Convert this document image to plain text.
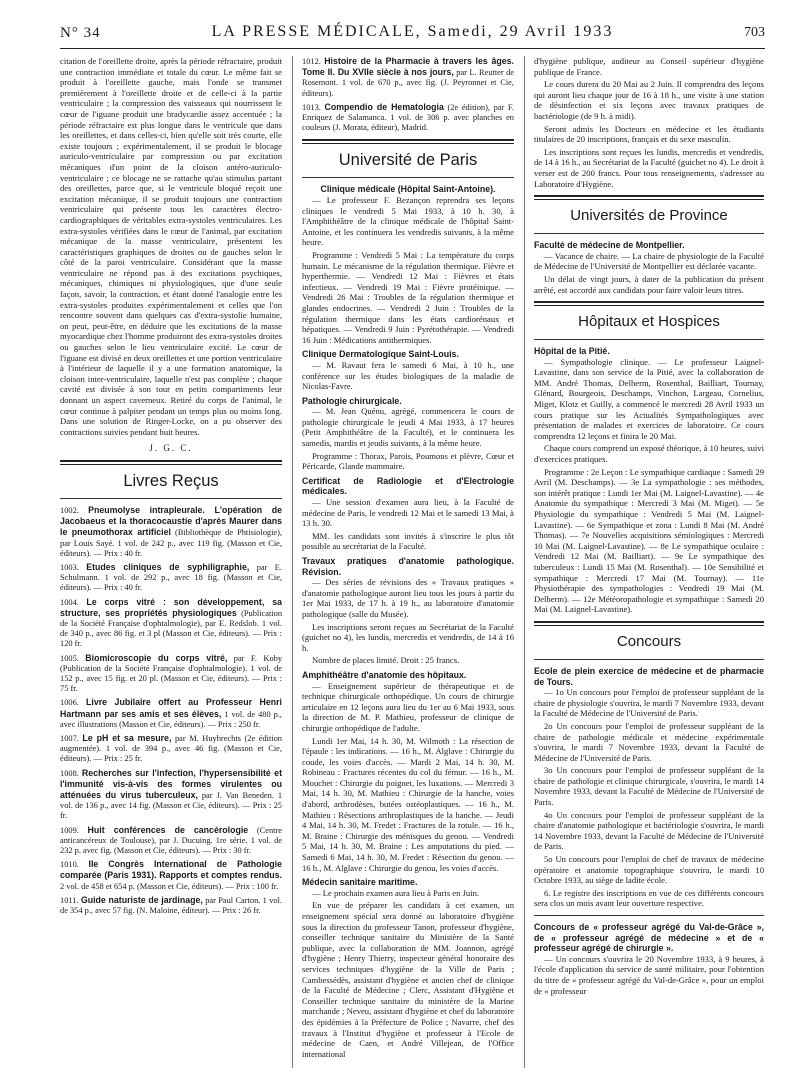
N° 34	LA PRESSE MÉDICALE, Samedi, 29 Avril 1933	703

citation de l'oreillette droite, après la période réfractaire, produit une contraction immédiate et totale du cœur. Le même fait se produit à l'oreillette gauche, mais l'onde se transmet premièrement à l'oreillette droite et de celle-ci à la partie ventriculaire ; la compression des vaisseaux qui nourrissent le cœur de l'iguane produit une bradycardie assez accentuée ; la période réfractaire est plus longue dans le ventricule que dans les oreillettes, et dans celles-ci, bien qu'elle soit très courte, elle existe toujours ; expérimentalement, il se produit le blocage auriculo-ventriculaire par compression ou par excitation mécaniques d'un point de la cloison antéro-auriculo-ventriculaire ; ce blocage ne se rattache qu'au stimulus partant des oreillettes, parce que, si le ventricule bloqué reçoit une excitation mécanique, il se produit toujours une contraction ventriculaire qui présente tous les caractères électro-cardiographiques de véritables extra-systoles ventriculaires. Les extra-systoles vérifiées dans le cœur de l'animal, par excitation mécanique de la masse ventriculaire, présentent les caractéristiques graphiques de droites ou de gauches selon le côté de la paroi ventriculaire. Considérant que la masse ventriculaire ne répond pas à des excitations psychiques, mécaniques, chimiques ni physiologiques, que d'une seule façon, savoir, la contraction, et étant donné l'analogie entre les extra-systoles produites expérimentalement et celles que l'on rencontre souvent dans quelques cas d'extra-systolie humaine, on peut, peut-être, en déduire que les excitations de la masse myocardique chez l'homme produiront des extra-systoles droites ou gauches selon le lieu ventriculaire excité. Le cœur de l'iguane est divisé en deux oreillettes et une portion ventriculaire à l'intérieur de laquelle il y a une formation anatomique, la cloison inter-ventriculaire, laquelle n'est pas complète ; chaque cavité est divisée à son tour en petits compartiments leur donnant un aspect caverneux. Retiré du corps de l'animal, le cœur continue à palpiter pendant un temps plus ou moins long. Dans une solution de Ringer-Locke, on a pu observer des contractions suivies pendant huit heures.

J. G. C.
Livres Reçus
1002. Pneumolyse intrapleurale. L'opération de Jacobaeus et la thoracocaustie d'après Maurer dans le pneumothorax artificiel (Bibliothèque de Phtisiologie), par Louis Sayé. 1 vol. de 242 p., avec 119 fig. (Masson et Cie, éditeurs). — Prix : 40 fr.
1003. Etudes cliniques de syphiligraphie, par E. Schulmann. 1 vol. de 292 p., avec 18 fig. (Masson et Cie, éditeurs). — Prix : 40 fr.
1004. Le corps vitré : son développement, sa structure, ses propriétés physiologiques (Publication de la Société Française d'ophtalmologie), par E. Redslob. 1 vol. de 340 p., avec 86 fig. et 3 pl (Masson et Cie, éditeurs). — Prix : 120 fr.
1005. Biomicroscopie du corps vitré, par F. Koby (Publication de la Société Française d'ophtalmologie). 1 vol. de 152 p., avec 15 fig. et 20 pl. (Masson et Cie, éditeurs). — Prix : 75 fr.
1006. Livre Jubilaire offert au Professeur Henri Hartmann par ses amis et ses élèves, 1 vol. de 480 p., avec illustrations (Masson et Cie, éditeurs). — Prix : 250 fr.
1007. Le pH et sa mesure, par M. Huybrechts (2e édition augmentée). 1 vol. de 394 p., avec 46 fig. (Masson et Cie, éditeurs). — Prix : 25 fr.
1008. Recherches sur l'infection, l'hypersensibilité et l'immunité vis-à-vis des formes virulentes ou atténuées du virus tuberculeux, par J. Van Beneden. 1 vol. de 136 p., avec 14 fig. (Masson et Cie, éditeurs). — Prix : 25 fr.
1009. Huit conférences de cancérologie (Centre anticancéreux de Toulouse), par J. Ducuing. 1re série. 1 vol. de 232 p. avec fig. (Masson et Cie, éditeurs). — Prix : 30 fr.
1010. IIe Congrès International de Pathologie comparée (Paris 1931). Rapports et comptes rendus. 2 vol. de 458 et 654 p. (Masson et Cie, éditeurs). — Prix : 100 fr.
1011. Guide naturiste de jardinage, par Paul Carton. 1 vol. de 354 p., avec 57 fig. (N. Maloine, éditeur). — Prix : 26 fr.
1012. Histoire de la Pharmacie à travers les âges. Tome II. Du XVIIe siècle à nos jours, par L. Reutter de Rosemont. 1 vol. de 670 p., avec fig. (J. Peyronnet et Cie, éditeurs).
1013. Compendio de Hematologia (2e édition), par F. Enriquez de Salamanca. 1 vol. de 306 p. avec planches en couleurs (J. Morata, éditeur), Madrid.
Université de Paris
Clinique médicale (Hôpital Saint-Antoine).

— Le professeur F. Bezançon reprendra ses leçons cliniques le vendredi 5 Mai 1933, à 10 h. 30, à l'Amphithéâtre de la clinique médicale de l'hôpital Saint-Antoine, et les continuera les vendredis suivants, à la même heure.

Programme : Vendredi 5 Mai : La température du corps humain. Le mécanisme de la régulation thermique. Fièvre et hyperthermie. — Vendredi 12 Mai : Fièvres et états infectieux. — Vendredi 19 Mai : Fièvre protéinique. — Vendredi 26 Mai : Troubles de la régulation thermique et glandes endocrines. — Vendredi 2 Juin : Troubles de la régulation thermique dans les états cardiorénaux et hépatiques. — Vendredi 9 Juin : Pyrétothérapie. — Vendredi 16 Juin : Médications antithermiques.

Clinique Dermatologique Saint-Louis.

— M. Ravaut fera le samedi 6 Mai, à 10 h., une conférence sur les études biologiques de la maladie de Nicolas-Favre.

Pathologie chirurgicale.

— M. Jean Quénu, agrégé, commencera le cours de pathologie chirurgicale le jeudi 4 Mai 1933, à 17 heures (Petit Amphithéâtre de la Faculté), et le continuera les samedis, mardis et jeudis suivants, à la même heure.

Programme : Thorax, Parois, Poumons et plèvre, Cœur et Péricarde, Glande mammaire.

Certificat de Radiologie et d'Electrologie médicales.

— Une session d'examen aura lieu, à la Faculté de médecine de Paris, le vendredi 12 Mai et le samedi 13 Mai, à 13 h. 30.

MM. les candidats sont invités à s'inscrire le plus tôt possible au secrétariat de la Faculté.

Travaux pratiques d'anatomie pathologique. Révision.

— Des séries de révisions des « Travaux pratiques » d'anatomie pathologique auront lieu tous les jours à partir du 1er Mai 1933, de 17 h. à 19 h., au laboratoire d'anatomie pathologique (salle du Musée).

Les inscriptions seront reçues au Secrétariat de la Faculté (guichet no 4), les lundis, mercredis et vendredis, de 14 à 16 h.

Nombre de places limité. Droit : 25 francs.

Amphithéâtre d'anatomie des hôpitaux.

— Enseignement supérieur de thérapeutique et de technique chirurgicale orthopédique. Un cours de chirurgie articulaire en 12 leçons aura lieu du 1er au 6 Mai 1933, sous la direction de M. P. Mathieu, professeur de clinique de chirurgie orthopédique de l'adulte.

Lundi 1er Mai, 14 h. 30, M. Wilmoth : La résection de l'épaule : les indications. — 16 h., M. Alglave : Chirurgie du coude, les voies d'accès. — Mardi 2 Mai, 14 h. 30, M. Robineau : Fractures récentes du col du fémur. — 16 h., M. Mouchet : Chirurgie du poignet, les luxations. — Mercredi 3 Mai, 14 h. 30, M. Mathieu : Chirurgie de la hanche, voies d'abord, arthrodèses, butées ostéoplastiques. — 16 h., M. Mathieu : Résections arthroplastiques de la hanche. — Jeudi 4 Mai, 14 h. 30, M. Fredet : Fractures de la rotule. — 16 h., M. Braine : Chirurgie des ménisques du genou. — Vendredi 5 Mai, 14 h. 30, M. Braine : Les amputations du pied. — Samedi 6 Mai, 14 h. 30, M. Fredet : Résection du genou. — 16 h., M. Alglave : Chirurgie du genou, les voies d'accès.

Médecin sanitaire maritime.

— Le prochain examen aura lieu à Paris en Juin.

En vue de préparer les candidats à cet examen, un enseignement spécial sera donné au laboratoire d'hygiène sous la direction du professeur Tanon, professeur d'hygiène, conseiller technique sanitaire du Ministère de la Santé publique, avec la collaboration de MM. Joannon, agrégé d'hygiène ; Henry Thierry, inspecteur général honoraire des services techniques d'hygiène de la Ville de Paris ; Cambessédès, assistant d'hygiène et ancien chef de clinique de la Faculté de Médecine ; Clerc, Assistant d'Hygiène et Conseiller technique sanitaire du ministère de la Marine marchande ; Neveu, assistant d'hygiène et chef du laboratoire des épidémies à la Préfecture de Police ; Navarre, chef des travaux à l'Institut d'hygiène et professeur à l'Ecole de médecine de Caen, et André Villejean, de l'Office international

d'hygiène publique, auditeur au Conseil supérieur d'hygiène publique de France.

Le cours durera du 20 Mai au 2 Juin. Il comprendra des leçons qui auront lieu chaque jour de 16 à 18 h., une visite à une station de désinfection et six leçons avec travaux pratiques de bactériologie (de 9 h. à midi).

Seront admis les Docteurs en médecine et les étudiants titulaires de 20 inscriptions, français et du sexe masculin.

Les inscriptions sont reçues les lundis, mercredis et vendredis, de 14 à 16 h., au Secrétariat de la Faculté (guichet no 4). Le droit à verser est de 200 francs. Pour tous renseignements, s'adresser au Laboratoire d'Hygiène.

Universités de Province
Faculté de médecine de Montpellier.

— Vacance de chaire. — La chaire de physiologie de la Faculté de Médecine de l'Université de Montpellier est déclarée vacante.

Un délai de vingt jours, à dater de la publication du présent arrêté, est accordé aux candidats pour faire valoir leurs titres.

Hôpitaux et Hospices
Hôpital de la Pitié.

— Sympathologie clinique. — Le professeur Laignel-Lavastine, dans son service de la Pitié, avec la collaboration de MM. André Thomas, Delherm, Rosenthal, Bailliart, Tournay, Glénard, Bourgeois, Deschamps, Vinchon, Largeau, Cornelius, Miget, Klotz et Guilly, a commencé le mercredi 28 Avril 1933 un cours pratique sur les Actualités Sympathologiques avec présentation de malades et exercices de laboratoire. Ce cours comprendra 12 leçons et finira le 20 Mai.

Chaque cours comprend un exposé théorique, à 10 heures, suivi d'exercices pratiques.

Programme : 2e Leçon : Le sympathique cardiaque : Samedi 29 Avril (M. Deschamps). — 3e La sympathologie : ses méthodes, son intérêt pratique : Lundi 1er Mai (M. Laignel-Lavastine). — 4e Anatomie du sympathique : Mercredi 3 Mai (M. Miget). — 5e Physiologie du sympathique : Vendredi 5 Mai (M. Laignel-Lavastine). — 6e Sympathique et zona : Lundi 8 Mai (M. André Thomas). — 7e Nouvelles acquisitions sémiologiques : Mercredi 10 Mai (M. Laignel-Lavastine). — 8e Le sympathique oculaire : Vendredi 12 Mai (M. Bailliart). — 9e Le sympathique des tuberculeux : Lundi 15 Mai (M. Rosenthal). — 10e Sensibilité et sympathique : Mercredi 17 Mai (M. Tournay). — 11e Physiothérapie des sympathologies : Vendredi 19 Mai (M. Delherm). — 12e Météoropathologie et sympathique : Samedi 20 Mai (M. Laignel-Lavastine).

Concours
Ecole de plein exercice de médecine et de pharmacie de Tours.

— 1o Un concours pour l'emploi de professeur suppléant de la chaire de physiologie s'ouvrira, le mardi 7 Novembre 1933, devant la Faculté de Médecine de l'Université de Paris.

2o Un concours pour l'emploi de professeur suppléant de la chaire de pathologie médicale et médecine expérimentale s'ouvrira, le mardi 7 Novembre 1933, devant la Faculté de Médecine de l'Université de Paris.

3o Un concours pour l'emploi de professeur suppléant de la chaire de pathologie et clinique chirurgicale, s'ouvrira, le mardi 14 Novembre 1933, devant la Faculté de Médecine de l'Université de Paris.

4o Un concours pour l'emploi de professeur suppléant de la chaire d'anatomie pathologique et bactériologie s'ouvrira, le mardi 14 Novembre 1933, devant la Faculté de Médecine de l'Université de Paris.

5o Un concours pour l'emploi de chef de travaux de médecine opératoire et anatomie topographique s'ouvrira, le mardi 10 Octobre 1933, au siège de ladite école.

6. Le registre des inscriptions en vue de ces différents concours sera clos un mois avant leur ouverture respective.

Concours de « professeur agrégé du Val-de-Grâce », de « professeur agrégé de médecine » et de « professeur agrégé de chirurgie ».

— Un concours s'ouvrira le 20 Novembre 1933, à 9 heures, à l'école d'application du service de santé militaire, pour l'obtention du titre de « professeur agrégé du Val-de-Grâce », pour un emploi de « professeur
